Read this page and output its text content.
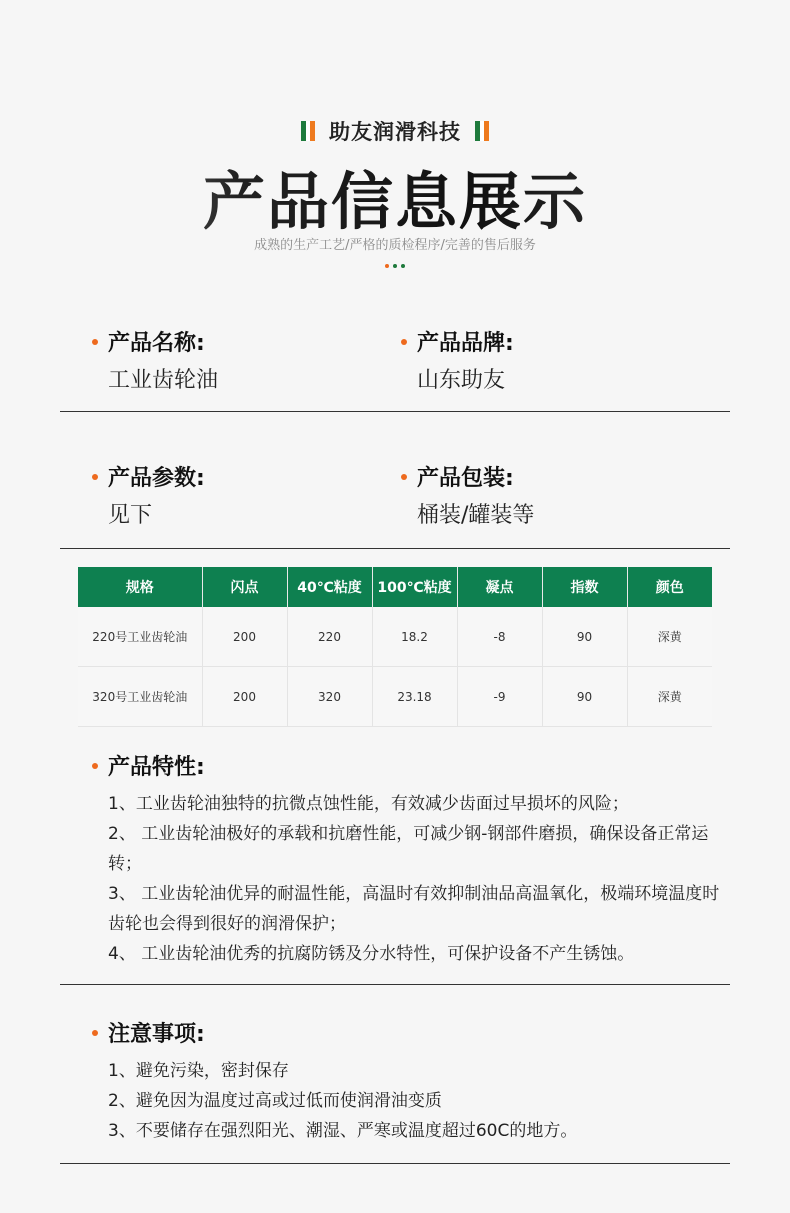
助友润滑科技
产品信息展示
成熟的生产工艺/严格的质检程序/完善的售后服务
产品名称:
工业齿轮油
产品品牌:
山东助友
产品参数:
见下
产品包装:
桶装/罐装等
规格	闪点	40℃粘度	100℃粘度	凝点	指数	颜色
220号工业齿轮油	200	220	18.2	-8	90	深黄
320号工业齿轮油	200	320	23.18	-9	90	深黄
产品特性:
1、工业齿轮油独特的抗微点蚀性能，有效减少齿面过早损坏的风险；
2、 工业齿轮油极好的承载和抗磨性能，可减少钢-钢部件磨损，确保设备正常运转；
3、 工业齿轮油优异的耐温性能，高温时有效抑制油品高温氧化，极端环境温度时齿轮也会得到很好的润滑保护；
4、 工业齿轮油优秀的抗腐防锈及分水特性，可保护设备不产生锈蚀。
注意事项:
1、避免污染，密封保存
2、避免因为温度过高或过低而使润滑油变质
3、不要储存在强烈阳光、潮湿、严寒或温度超过60C的地方。
